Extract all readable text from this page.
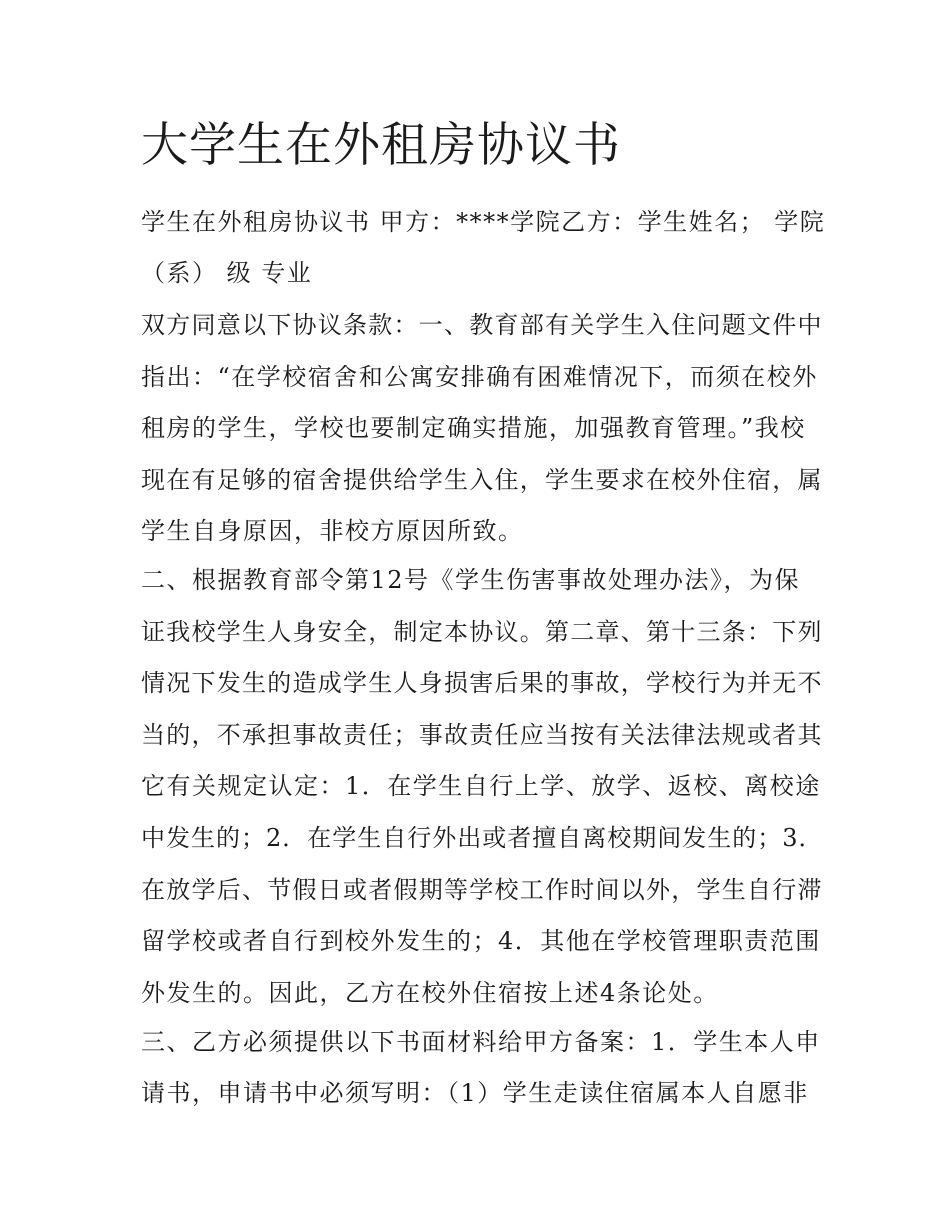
大学生在外租房协议书
学生在外租房协议书 甲方：****学院乙方：学生姓名； 学院
（系） 级 专业
双方同意以下协议条款：一、教育部有关学生入住问题文件中
指出：“在学校宿舍和公寓安排确有困难情况下，而须在校外
租房的学生，学校也要制定确实措施，加强教育管理。”我校
现在有足够的宿舍提供给学生入住，学生要求在校外住宿，属
学生自身原因，非校方原因所致。
二、根据教育部令第12号《学生伤害事故处理办法》，为保
证我校学生人身安全，制定本协议。第二章、第十三条：下列
情况下发生的造成学生人身损害后果的事故，学校行为并无不
当的，不承担事故责任；事故责任应当按有关法律法规或者其
它有关规定认定：1．在学生自行上学、放学、返校、离校途
中发生的；2．在学生自行外出或者擅自离校期间发生的；3．
在放学后、节假日或者假期等学校工作时间以外，学生自行滞
留学校或者自行到校外发生的；4．其他在学校管理职责范围
外发生的。因此，乙方在校外住宿按上述4条论处。
三、乙方必须提供以下书面材料给甲方备案：1．学生本人申
请书，申请书中必须写明：（1）学生走读住宿属本人自愿非
